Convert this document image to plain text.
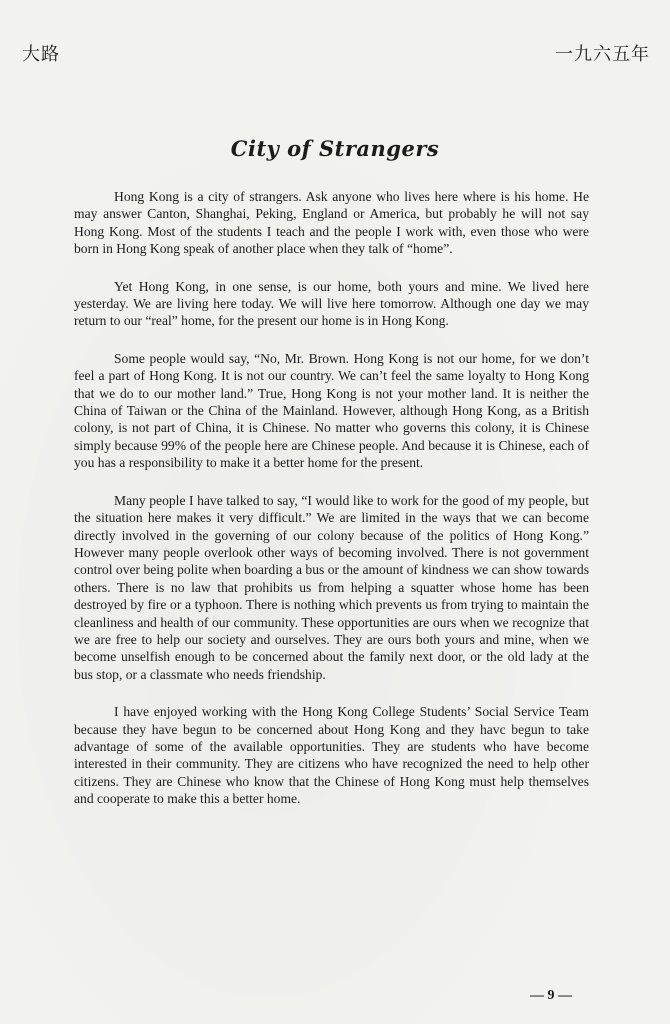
大路	一九六五年
City of Strangers

Hong Kong is a city of strangers. Ask anyone who lives here where is his home. He may answer Canton, Shanghai, Peking, England or America, but probably he will not say Hong Kong. Most of the students I teach and the people I work with, even those who were born in Hong Kong speak of another place when they talk of “home”.

Yet Hong Kong, in one sense, is our home, both yours and mine. We lived here yesterday. We are living here today. We will live here tomorrow. Although one day we may return to our “real” home, for the present our home is in Hong Kong.

Some people would say, “No, Mr. Brown. Hong Kong is not our home, for we don’t feel a part of Hong Kong. It is not our country. We can’t feel the same loyalty to Hong Kong that we do to our mother land.” True, Hong Kong is not your mother land. It is neither the China of Taiwan or the China of the Mainland. However, although Hong Kong, as a British colony, is not part of China, it is Chinese. No matter who governs this colony, it is Chinese simply because 99% of the people here are Chinese people. And because it is Chinese, each of you has a responsibility to make it a better home for the present.

Many people I have talked to say, “I would like to work for the good of my people, but the situation here makes it very difficult.” We are limited in the ways that we can become directly involved in the governing of our colony because of the politics of Hong Kong.” However many people overlook other ways of becoming involved. There is not government control over being polite when boarding a bus or the amount of kindness we can show towards others. There is no law that prohibits us from helping a squatter whose home has been destroyed by fire or a typhoon. There is nothing which prevents us from trying to maintain the cleanliness and health of our community. These opportunities are ours when we recognize that we are free to help our society and ourselves. They are ours both yours and mine, when we become unselfish enough to be concerned about the family next door, or the old lady at the bus stop, or a classmate who needs friendship.

I have enjoyed working with the Hong Kong College Students’ Social Service Team because they have begun to be concerned about Hong Kong and they havc begun to take advantage of some of the available opportunities. They are students who have become interested in their community. They are citizens who have recognized the need to help other citizens. They are Chinese who know that the Chinese of Hong Kong must help themselves and cooperate to make this a better home.

— 9 —
